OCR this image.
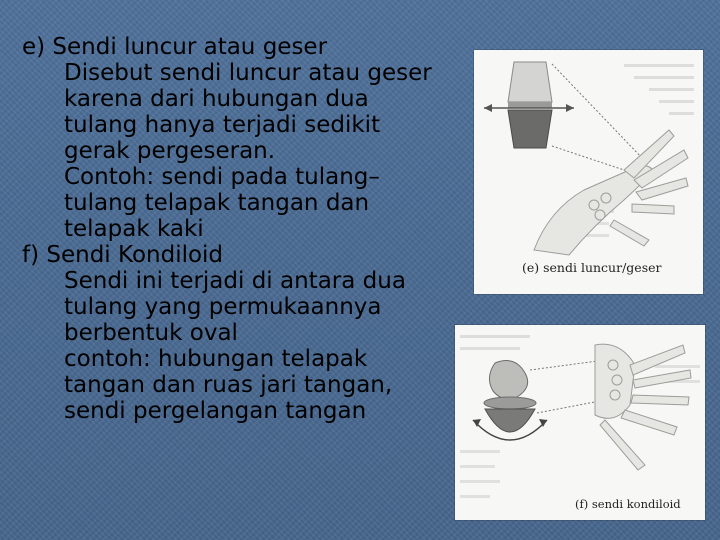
e) Sendi luncur atau geser
Disebut sendi luncur atau geser
karena dari hubungan dua
tulang hanya terjadi sedikit
gerak pergeseran.
Contoh: sendi pada tulang–
tulang telapak tangan dan
telapak kaki
f) Sendi Kondiloid
Sendi ini terjadi di antara dua
tulang yang permukaannya
berbentuk oval
contoh: hubungan telapak
tangan dan ruas jari tangan,
sendi pergelangan tangan
(e) sendi luncur/geser
(f) sendi kondiloid
